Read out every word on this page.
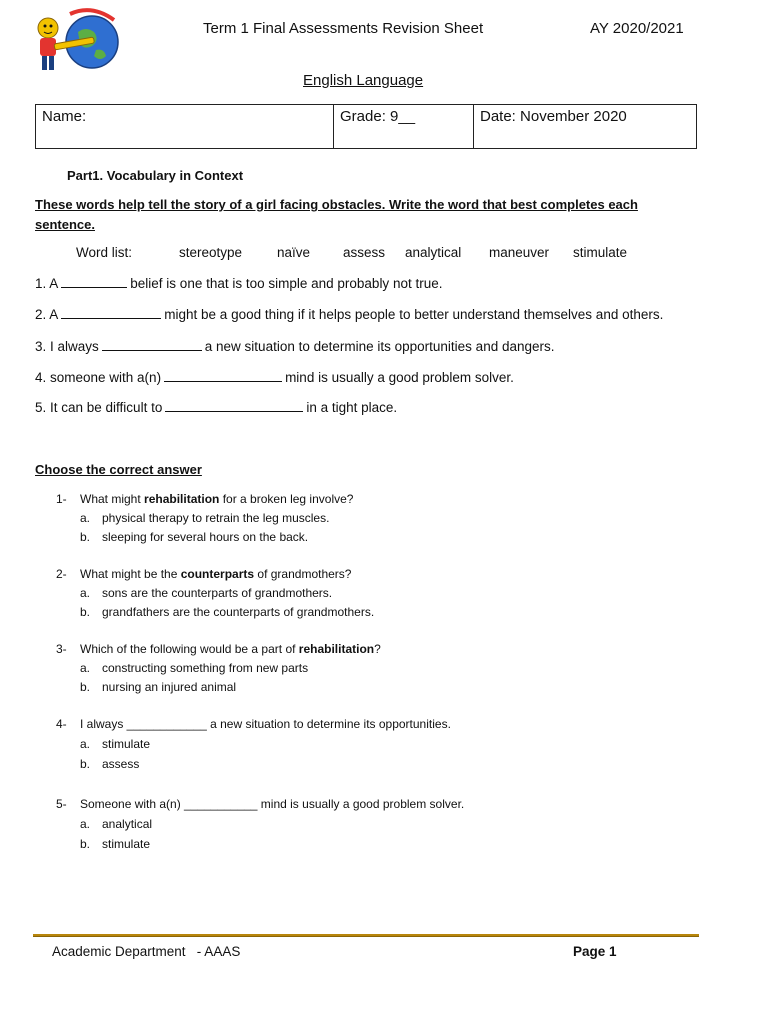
Term 1 Final Assessments Revision Sheet	AY 2020/2021
English Language
Name:	Grade: 9__	Date: November 2020
Part1. Vocabulary in Context
These words help tell the story of a girl facing obstacles. Write the word that best completes each sentence.
Word list:	stereotype	naïve	assess	analytical	maneuver	stimulate
1. A	belief is one that is too simple and probably not true.
2. A	might be a good thing if it helps people to better understand themselves and others.
3. I always	a new situation to determine its opportunities and dangers.
4. someone with a(n)	mind is usually a good problem solver.
5. It can be difficult to	in a tight place.
Choose the correct answer
1-	What might rehabilitation for a broken leg involve?
a. physical therapy to retrain the leg muscles.
b. sleeping for several hours on the back.
2-	What might be the counterparts of grandmothers?
a. sons are the counterparts of grandmothers.
b. grandfathers are the counterparts of grandmothers.
3-	Which of the following would be a part of rehabilitation?
a. constructing something from new parts
b. nursing an injured animal
4-	I always ____________ a new situation to determine its opportunities.
a. stimulate
b. assess
5-	Someone with a(n) ___________ mind is usually a good problem solver.
a. analytical
b. stimulate
Academic Department   - AAAS	Page 1
